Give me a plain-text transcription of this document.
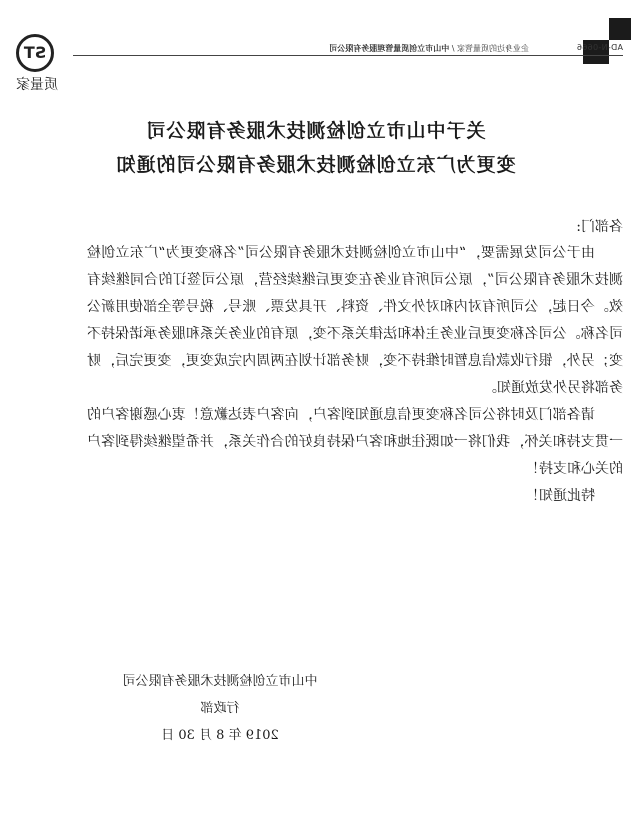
AD-N-0666
企业身边的质量管家 / 中山市立创质量管理服务有限公司
ST
质量家
关于中山市立创检测技术服务有限公司
变更为广东立创检测技术服务有限公司的通知
各部门:

由于公司发展需要，“中山市立创检测技术服务有限公司”名称变更为“广东立创检测技术服务有限公司”，原公司所有业务在变更后继续经营，原公司签订的合同继续有效。今日起，公司所有对内和对外文件、资料、开具发票、账号、税号等全部使用新公司名称。公司名称变更后业务主体和法律关系不变，原有的业务关系和服务承诺保持不变；另外，银行收款信息暂时维持不变，财务部计划在两周内完成变更，变更完后，财务部将另外发放通知。

请各部门及时将公司名称变更信息通知到客户，向客户表达歉意！衷心感谢客户的一贯支持和关怀，我们将一如既往地和客户保持良好的合作关系，并希望继续得到客户的关心和支持！

特此通知！

中山市立创检测技术服务有限公司
行政部
2019 年 8 月 30 日
